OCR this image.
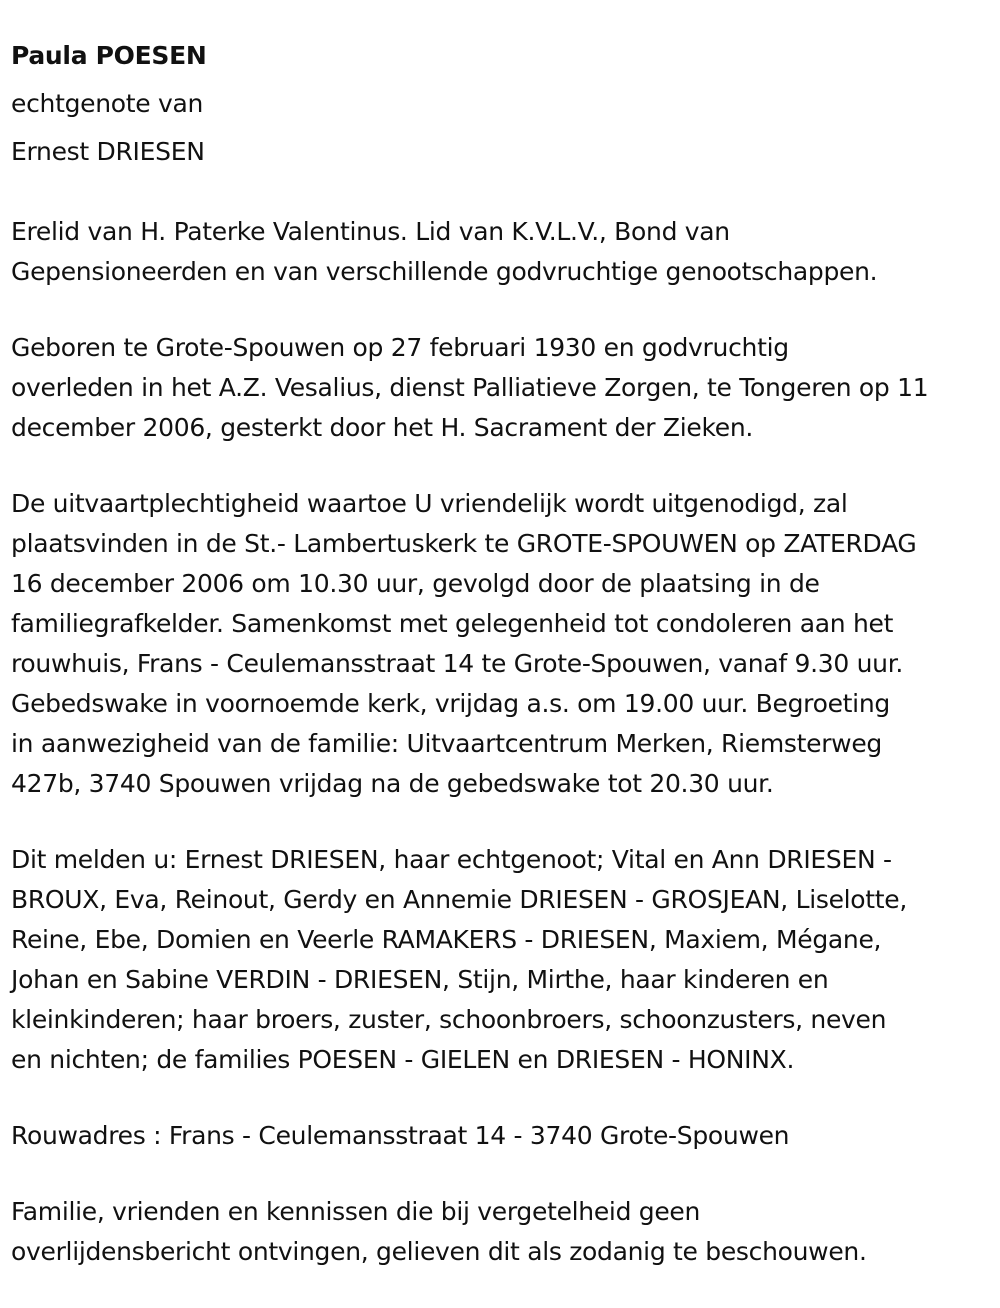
Paula POESEN
echtgenote van
Ernest DRIESEN
Erelid van H. Paterke Valentinus. Lid van K.V.L.V., Bond van
Gepensioneerden en van verschillende godvruchtige genootschappen.
Geboren te Grote-Spouwen op 27 februari 1930 en godvruchtig
overleden in het A.Z. Vesalius, dienst Palliatieve Zorgen, te Tongeren op 11
december 2006, gesterkt door het H. Sacrament der Zieken.
De uitvaartplechtigheid waartoe U vriendelijk wordt uitgenodigd, zal
plaatsvinden in de St.- Lambertuskerk te GROTE-SPOUWEN op ZATERDAG
16 december 2006 om 10.30 uur, gevolgd door de plaatsing in de
familiegrafkelder. Samenkomst met gelegenheid tot condoleren aan het
rouwhuis, Frans - Ceulemansstraat 14 te Grote-Spouwen, vanaf 9.30 uur.
Gebedswake in voornoemde kerk, vrijdag a.s. om 19.00 uur. Begroeting
in aanwezigheid van de familie: Uitvaartcentrum Merken, Riemsterweg
427b, 3740 Spouwen vrijdag na de gebedswake tot 20.30 uur.
Dit melden u: Ernest DRIESEN, haar echtgenoot; Vital en Ann DRIESEN -
BROUX, Eva, Reinout, Gerdy en Annemie DRIESEN - GROSJEAN, Liselotte,
Reine, Ebe, Domien en Veerle RAMAKERS - DRIESEN, Maxiem, Mégane,
Johan en Sabine VERDIN - DRIESEN, Stijn, Mirthe, haar kinderen en
kleinkinderen; haar broers, zuster, schoonbroers, schoonzusters, neven
en nichten; de families POESEN - GIELEN en DRIESEN - HONINX.
Rouwadres : Frans - Ceulemansstraat 14 - 3740 Grote-Spouwen
Familie, vrienden en kennissen die bij vergetelheid geen
overlijdensbericht ontvingen, gelieven dit als zodanig te beschouwen.
